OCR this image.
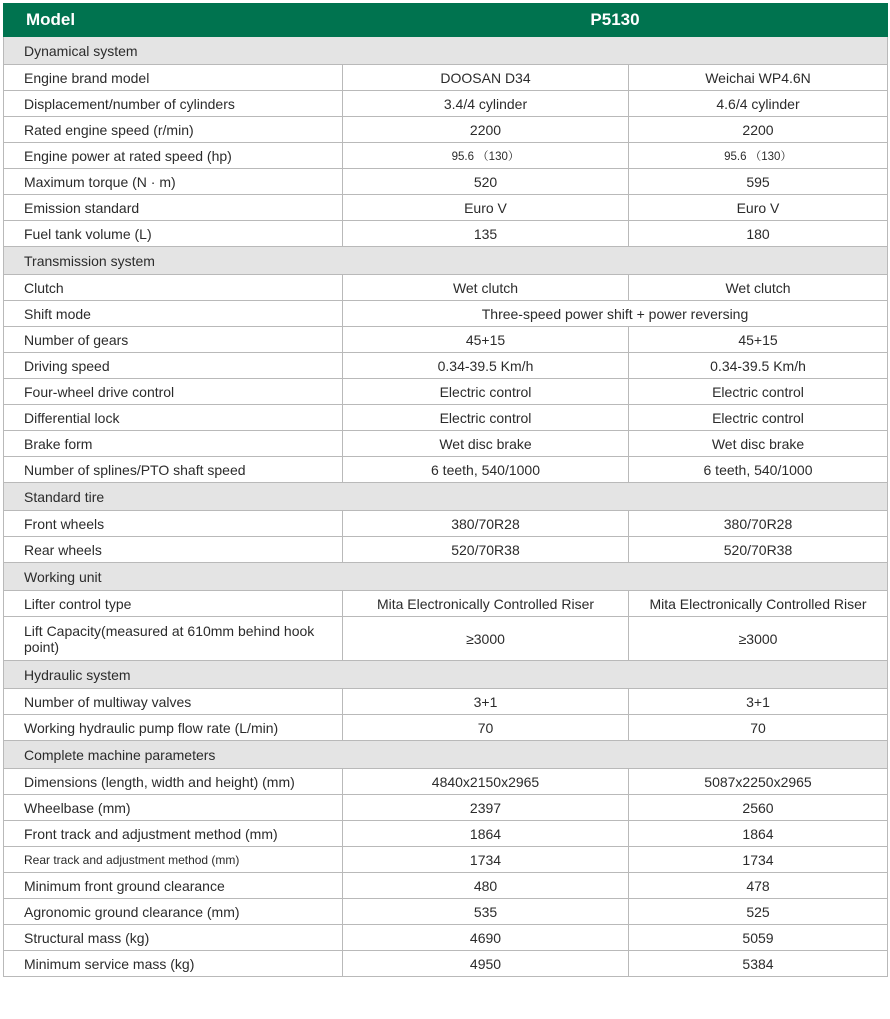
Model	P5130	
Dynamical system		
Engine brand model	DOOSAN D34	Weichai WP4.6N
Displacement/number of cylinders	3.4/4 cylinder	4.6/4 cylinder
Rated engine speed (r/min)	2200	2200
Engine power at rated speed (hp)	95.6 （130）	95.6 （130）
Maximum torque (N · m)	520	595
Emission standard	Euro V	Euro V
Fuel tank volume (L)	135	180
Transmission system		
Clutch	Wet clutch	Wet clutch
Shift mode	Three-speed power shift + power reversing	
Number of gears	45+15	45+15
Driving speed	0.34-39.5 Km/h	0.34-39.5 Km/h
Four-wheel drive control	Electric control	Electric control
Differential lock	Electric control	Electric control
Brake form	Wet disc brake	Wet disc brake
Number of splines/PTO shaft speed	6 teeth, 540/1000	6 teeth, 540/1000
Standard tire		
Front wheels	380/70R28	380/70R28
Rear wheels	520/70R38	520/70R38
Working unit		
Lifter control type	Mita Electronically Controlled Riser	Mita Electronically Controlled Riser
Lift Capacity(measured at 610mm behind hook point)	≥3000	≥3000
Hydraulic system		
Number of multiway valves	3+1	3+1
Working hydraulic pump flow rate (L/min)	70	70
Complete machine parameters		
Dimensions (length, width and height) (mm)	4840x2150x2965	5087x2250x2965
Wheelbase (mm)	2397	2560
Front track and adjustment method (mm)	1864	1864
Rear track and adjustment method (mm)	1734	1734
Minimum front ground clearance	480	478
Agronomic ground clearance (mm)	535	525
Structural mass (kg)	4690	5059
Minimum service mass (kg)	4950	5384
